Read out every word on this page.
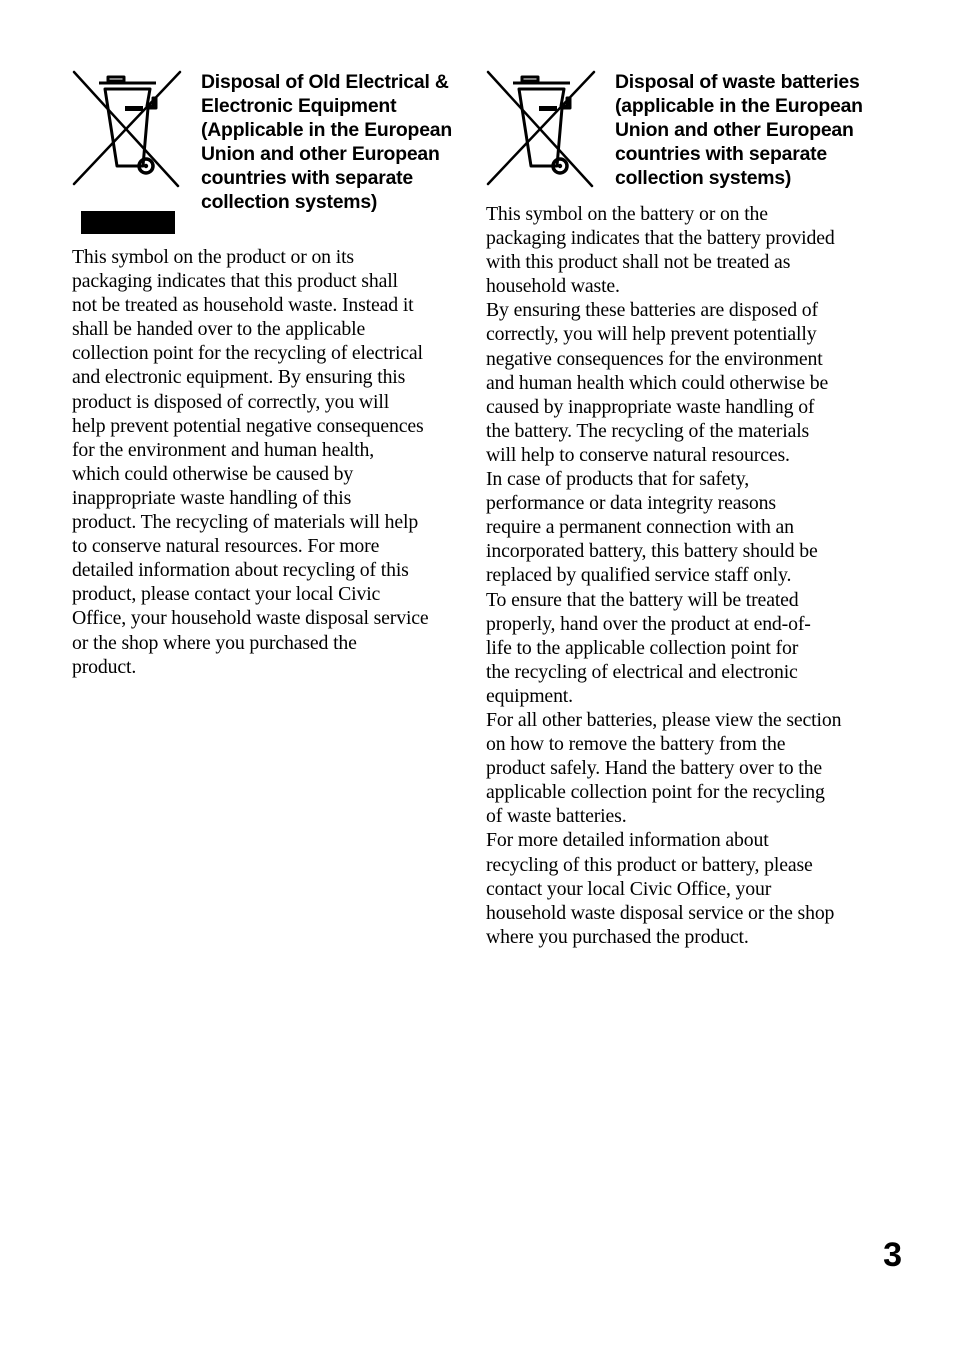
Disposal of Old Electrical & Electronic Equipment (Applicable in the European Union and other European countries with separate collection systems)

This symbol on the product or on its
packaging indicates that this product shall
not be treated as household waste. Instead it
shall be handed over to the applicable
collection point for the recycling of electrical
and electronic equipment. By ensuring this
product is disposed of correctly, you will
help prevent potential negative consequences
for the environment and human health,
which could otherwise be caused by
inappropriate waste handling of this
product. The recycling of materials will help
to conserve natural resources. For more
detailed information about recycling of this
product, please contact your local Civic
Office, your household waste disposal service
or the shop where you purchased the
product.

Disposal of waste batteries (applicable in the European Union and other European countries with separate collection systems)

This symbol on the battery or on the
packaging indicates that the battery provided
with this product shall not be treated as
household waste.

By ensuring these batteries are disposed of
correctly, you will help prevent potentially
negative consequences for the environment
and human health which could otherwise be
caused by inappropriate waste handling of
the battery. The recycling of the materials
will help to conserve natural resources.

In case of products that for safety,
performance or data integrity reasons
require a permanent connection with an
incorporated battery, this battery should be
replaced by qualified service staff only.

To ensure that the battery will be treated
properly, hand over the product at end-of-
life to the applicable collection point for
the recycling of electrical and electronic
equipment.

For all other batteries, please view the section
on how to remove the battery from the
product safely. Hand the battery over to the
applicable collection point for the recycling
of waste batteries.

For more detailed information about
recycling of this product or battery, please
contact your local Civic Office, your
household waste disposal service or the shop
where you purchased the product.

3
